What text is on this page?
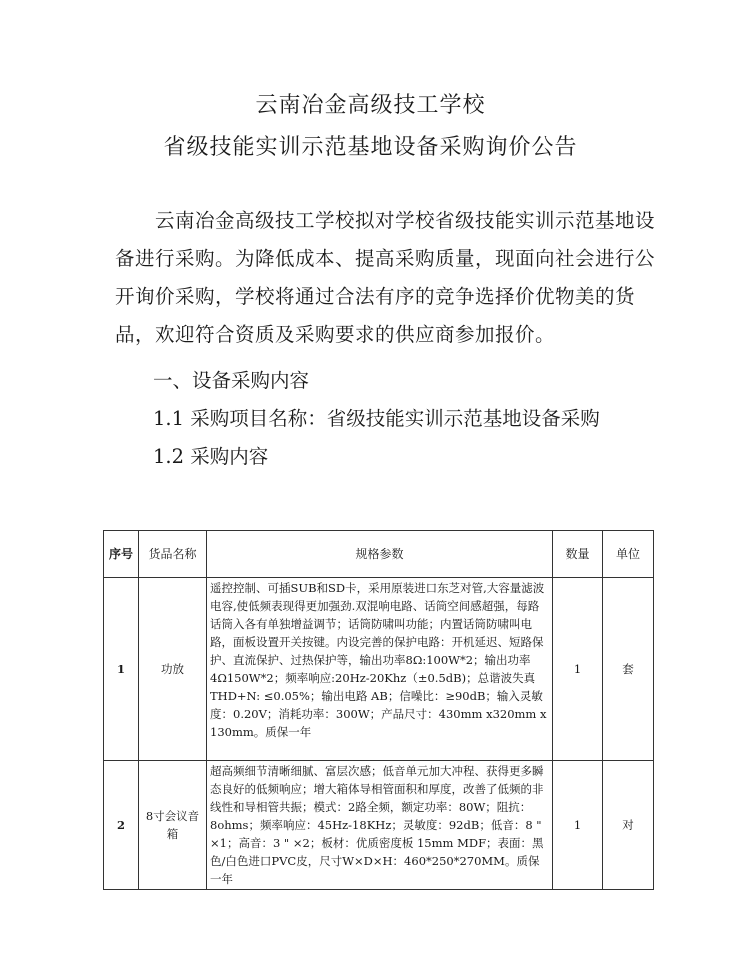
云南冶金高级技工学校
省级技能实训示范基地设备采购询价公告
云南冶金高级技工学校拟对学校省级技能实训示范基地设备进行采购。为降低成本、提高采购质量，现面向社会进行公开询价采购，学校将通过合法有序的竞争选择价优物美的货品，欢迎符合资质及采购要求的供应商参加报价。
一、设备采购内容
1.1 采购项目名称：省级技能实训示范基地设备采购
1.2 采购内容
序号	货品名称	规格参数	数量	单位
1	功放	遥控控制、可插SUB和SD卡，采用原装进口东芝对管,大容量滤波电容,使低频表现得更加强劲.双混响电路、话筒空间感超强，每路话筒入各有单独增益调节；话筒防啸叫功能；内置话筒防啸叫电路，面板设置开关按键。内设完善的保护电路：开机延迟、短路保护、直流保护、过热保护等，输出功率8Ω:100W*2；输出功率4Ω150W*2；频率响应:20Hz-20Khz（±0.5dB)；总谐波失真 THD+N: ≤0.05%；输出电路 AB；信噪比：≥90dB；输入灵敏度：0.20V；消耗功率：300W；产品尺寸：430mm x320mm x 130mm。质保一年	1	套
2	8寸会议音箱	超高频细节清晰细腻、富层次感；低音单元加大冲程、获得更多瞬态良好的低频响应；增大箱体导相管面积和厚度，改善了低频的非线性和导相管共振；模式：2路全频，额定功率：80W；阻抗：8ohms；频率响应：45Hz-18KHz；灵敏度：92dB；低音：8 " ×1；高音：3 " ×2；板材：优质密度板 15mm MDF；表面：黑色/白色进口PVC皮，尺寸W×D×H：460*250*270MM。质保一年	1	对
